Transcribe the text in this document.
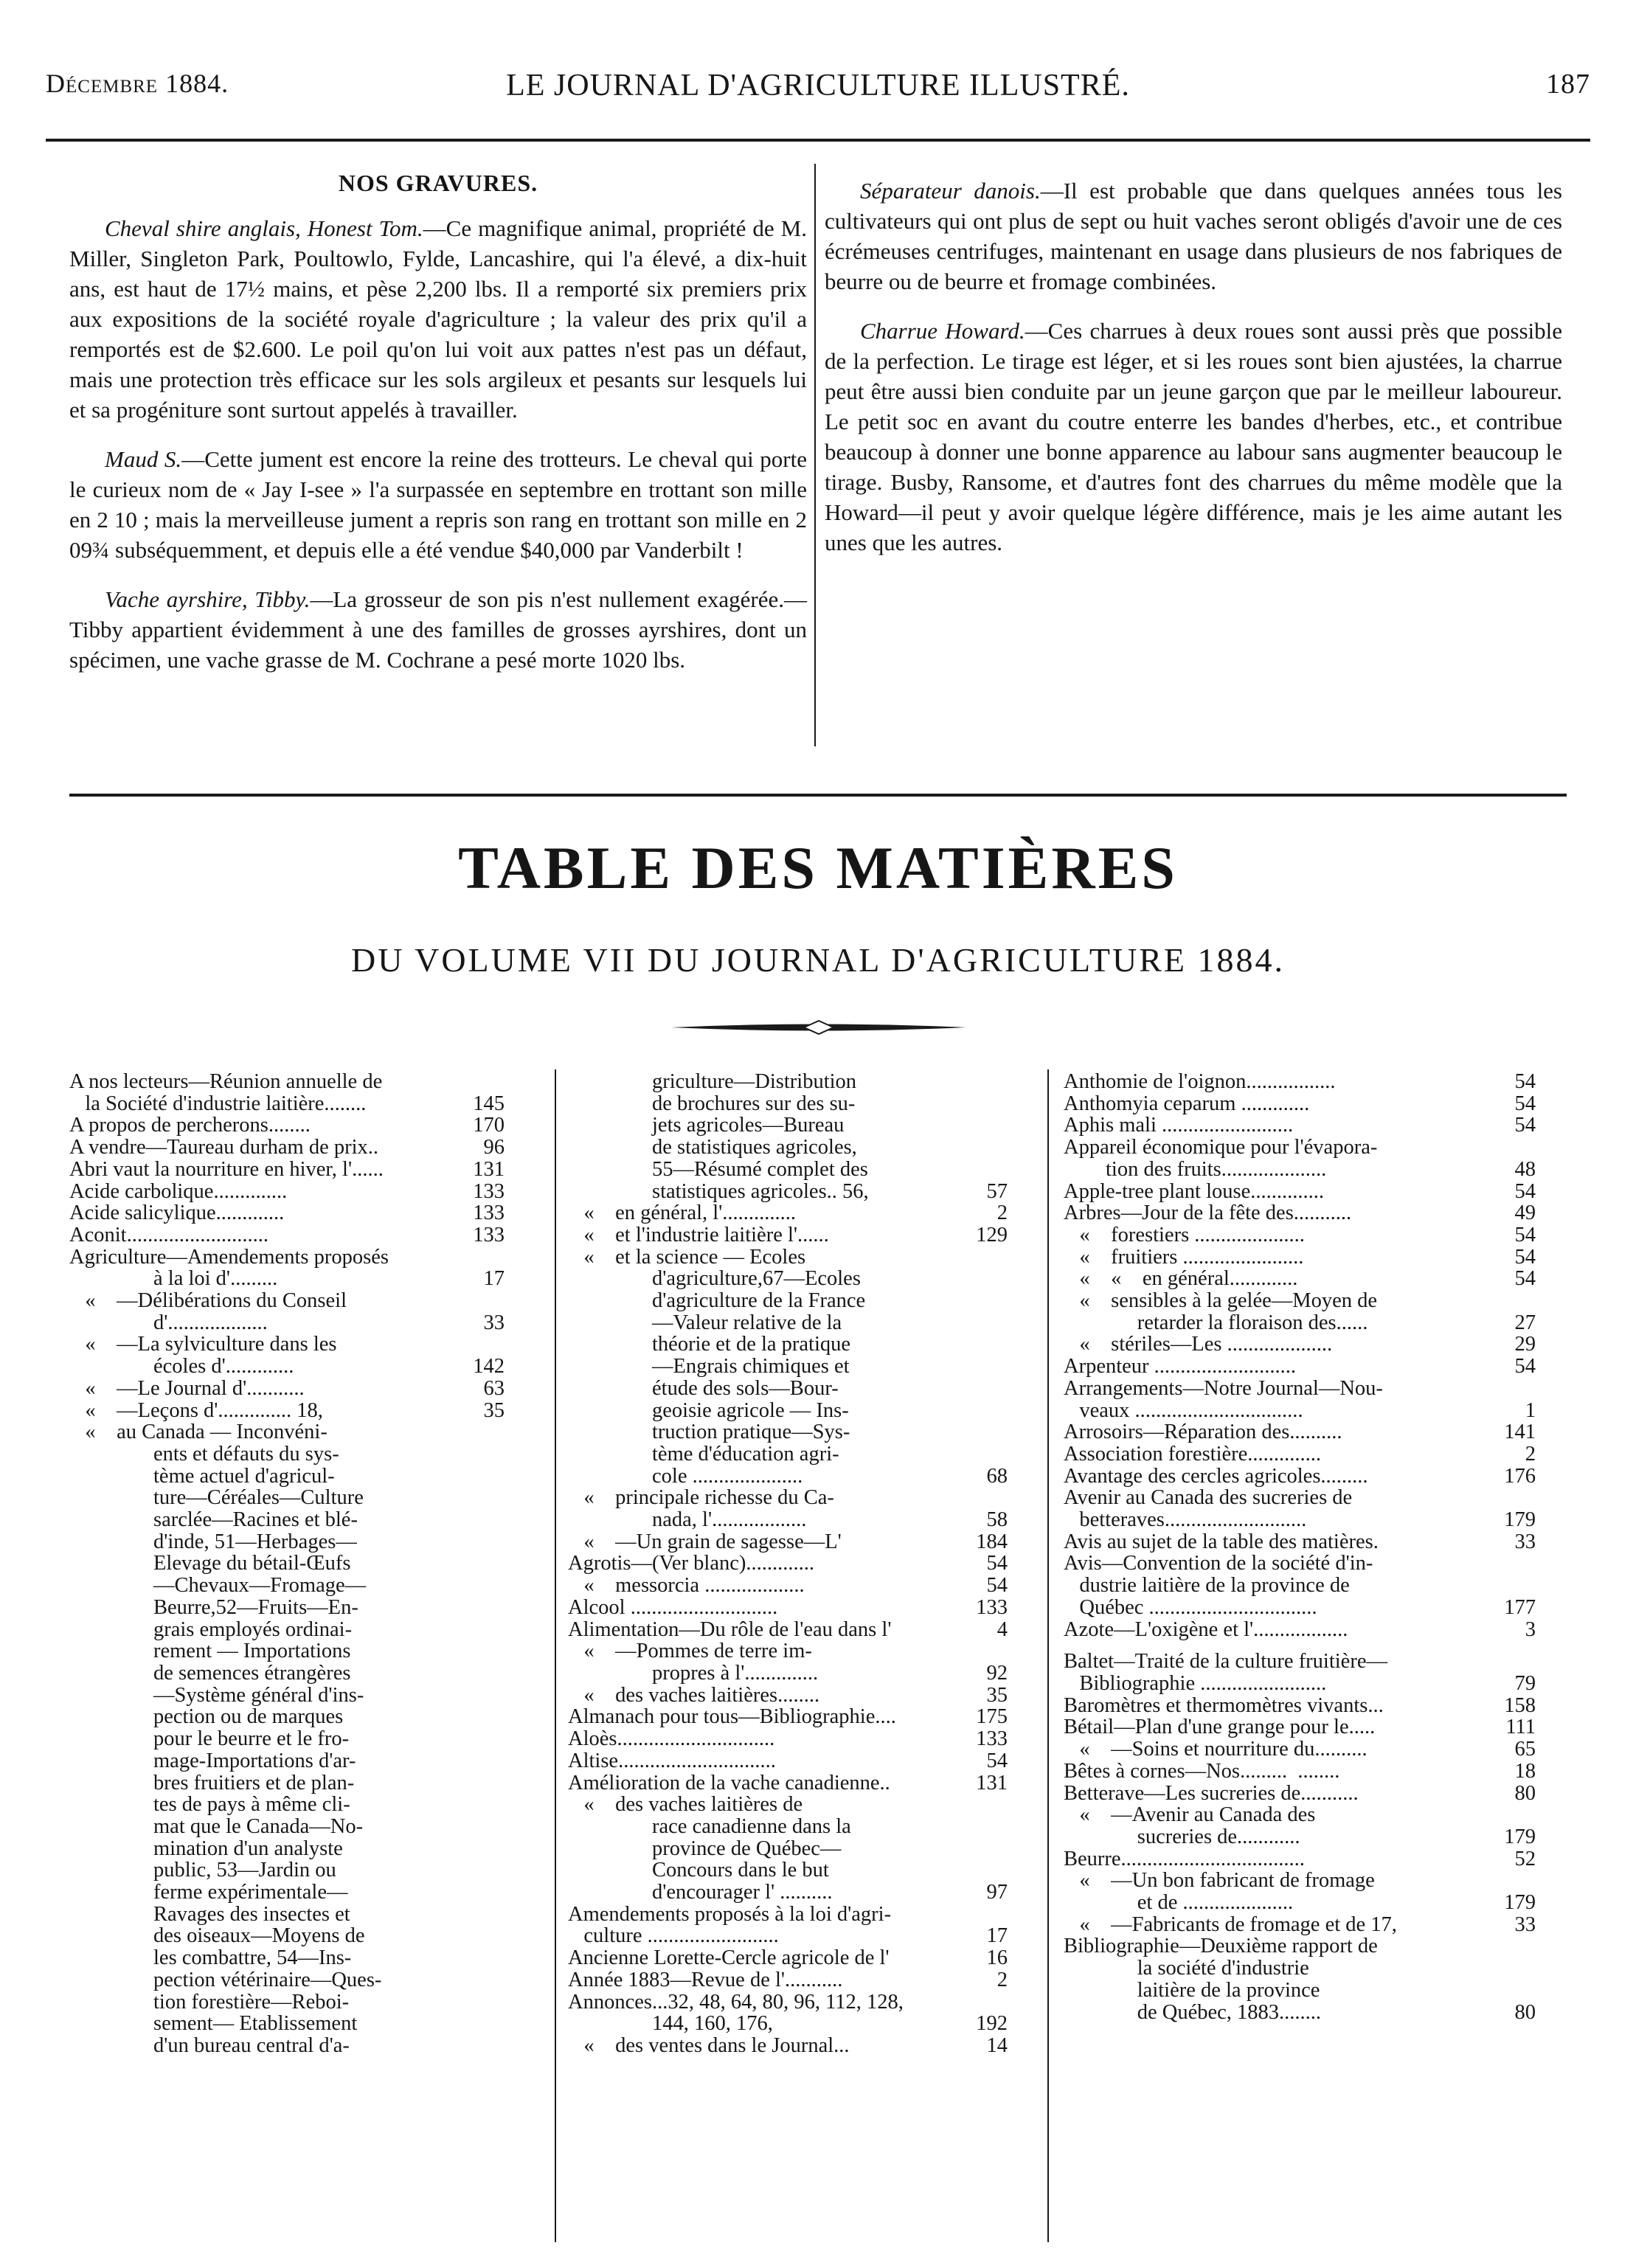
Décembre 1884.	LE JOURNAL D'AGRICULTURE ILLUSTRÉ.	187
NOS GRAVURES.

Cheval shire anglais, Honest Tom.—Ce magnifique animal, propriété de M. Miller, Singleton Park, Poultowlo, Fylde, Lancashire, qui l'a élevé, a dix-huit ans, est haut de 17½ mains, et pèse 2,200 lbs. Il a remporté six premiers prix aux expositions de la société royale d'agriculture ; la valeur des prix qu'il a remportés est de $2.600. Le poil qu'on lui voit aux pattes n'est pas un défaut, mais une protection très efficace sur les sols argileux et pesants sur lesquels lui et sa progéniture sont surtout appelés à travailler.

Maud S.—Cette jument est encore la reine des trotteurs. Le cheval qui porte le curieux nom de « Jay I-see » l'a surpassée en septembre en trottant son mille en 2 10 ; mais la merveilleuse jument a repris son rang en trottant son mille en 2 09¾ subséquemment, et depuis elle a été vendue $40,000 par Vanderbilt !

Vache ayrshire, Tibby.—La grosseur de son pis n'est nullement exagérée.—Tibby appartient évidemment à une des familles de grosses ayrshires, dont un spécimen, une vache grasse de M. Cochrane a pesé morte 1020 lbs.

Séparateur danois.—Il est probable que dans quelques années tous les cultivateurs qui ont plus de sept ou huit vaches seront obligés d'avoir une de ces écrémeuses centrifuges, maintenant en usage dans plusieurs de nos fabriques de beurre ou de beurre et fromage combinées.

Charrue Howard.—Ces charrues à deux roues sont aussi près que possible de la perfection. Le tirage est léger, et si les roues sont bien ajustées, la charrue peut être aussi bien conduite par un jeune garçon que par le meilleur laboureur. Le petit soc en avant du coutre enterre les bandes d'herbes, etc., et contribue beaucoup à donner une bonne apparence au labour sans augmenter beaucoup le tirage. Busby, Ransome, et d'autres font des charrues du même modèle que la Howard—il peut y avoir quelque légère différence, mais je les aime autant les unes que les autres.

TABLE DES MATIÈRES
DU VOLUME VII DU JOURNAL D'AGRICULTURE 1884.
A nos lecteurs—Réunion annuelle de
la Société d'industrie laitière........	145
A propos de percherons........	170
A vendre—Taureau durham de prix..	96
Abri vaut la nourriture en hiver, l'......	131
Acide carbolique..............	133
Acide salicylique.............	133
Aconit...........................	133
Agriculture—Amendements proposés
à la loi d'.........	17
«    —Délibérations du Conseil
d'...................	33
«    —La sylviculture dans les
écoles d'.............	142
«    —Le Journal d'...........	63
«    —Leçons d'.............. 18,	35
«    au Canada — Inconvéni-
ents et défauts du sys-
tème actuel d'agricul-
ture—Céréales—Culture
sarclée—Racines et blé-
d'inde, 51—Herbages—
Elevage du bétail-Œufs
—Chevaux—Fromage—
Beurre,52—Fruits—En-
grais employés ordinai-
rement — Importations
de semences étrangères
—Système général d'ins-
pection ou de marques
pour le beurre et le fro-
mage-Importations d'ar-
bres fruitiers et de plan-
tes de pays à même cli-
mat que le Canada—No-
mination d'un analyste
public, 53—Jardin ou
ferme expérimentale—
Ravages des insectes et
des oiseaux—Moyens de
les combattre, 54—Ins-
pection vétérinaire—Ques-
tion forestière—Reboi-
sement— Etablissement
d'un bureau central d'a-
griculture—Distribution
de brochures sur des su-
jets agricoles—Bureau
de statistiques agricoles,
55—Résumé complet des
statistiques agricoles.. 56,	57
«    en général, l'..............	2
«    et l'industrie laitière l'......	129
«    et la science — Ecoles
d'agriculture,67—Ecoles
d'agriculture de la France
—Valeur relative de la
théorie et de la pratique
—Engrais chimiques et
étude des sols—Bour-
geoisie agricole — Ins-
truction pratique—Sys-
tème d'éducation agri-
cole .....................	68
«    principale richesse du Ca-
nada, l'..................	58
«    —Un grain de sagesse—L'	184
Agrotis—(Ver blanc).............	54
«    messorcia ...................	54
Alcool ............................	133
Alimentation—Du rôle de l'eau dans l'	4
«    —Pommes de terre im-
propres à l'..............	92
«    des vaches laitières........	35
Almanach pour tous—Bibliographie....	175
Aloès..............................	133
Altise..............................	54
Amélioration de la vache canadienne..	131
«    des vaches laitières de
race canadienne dans la
province de Québec—
Concours dans le but
d'encourager l' ..........	97
Amendements proposés à la loi d'agri-
culture .........................	17
Ancienne Lorette-Cercle agricole de l'	16
Année 1883—Revue de l'...........	2
Annonces...32, 48, 64, 80, 96, 112, 128,
144, 160, 176,	192
«    des ventes dans le Journal...	14
Anthomie de l'oignon.................	54
Anthomyia ceparum .............	54
Aphis mali .........................	54
Appareil économique pour l'évapora-
tion des fruits....................	48
Apple-tree plant louse..............	54
Arbres—Jour de la fête des...........	49
«    forestiers .....................	54
«    fruitiers .......................	54
«    «    en général.............	54
«    sensibles à la gelée—Moyen de
retarder la floraison des......	27
«    stériles—Les ....................	29
Arpenteur ...........................	54
Arrangements—Notre Journal—Nou-
veaux ................................	1
Arrosoirs—Réparation des..........	141
Association forestière..............	2
Avantage des cercles agricoles.........	176
Avenir au Canada des sucreries de
betteraves...........................	179
Avis au sujet de la table des matières.	33
Avis—Convention de la société d'in-
dustrie laitière de la province de
Québec ................................	177
Azote—L'oxigène et l'..................	3
Baltet—Traité de la culture fruitière—
Bibliographie ........................	79
Baromètres et thermomètres vivants...	158
Bétail—Plan d'une grange pour le.....	111
«    —Soins et nourriture du..........	65
Bêtes à cornes—Nos.........  ........	18
Betterave—Les sucreries de...........	80
«    —Avenir au Canada des
sucreries de............	179
Beurre...................................	52
«    —Un bon fabricant de fromage
et de .....................	179
«    —Fabricants de fromage et de 17,	33
Bibliographie—Deuxième rapport de
la société d'industrie
laitière de la province
de Québec, 1883........	80
